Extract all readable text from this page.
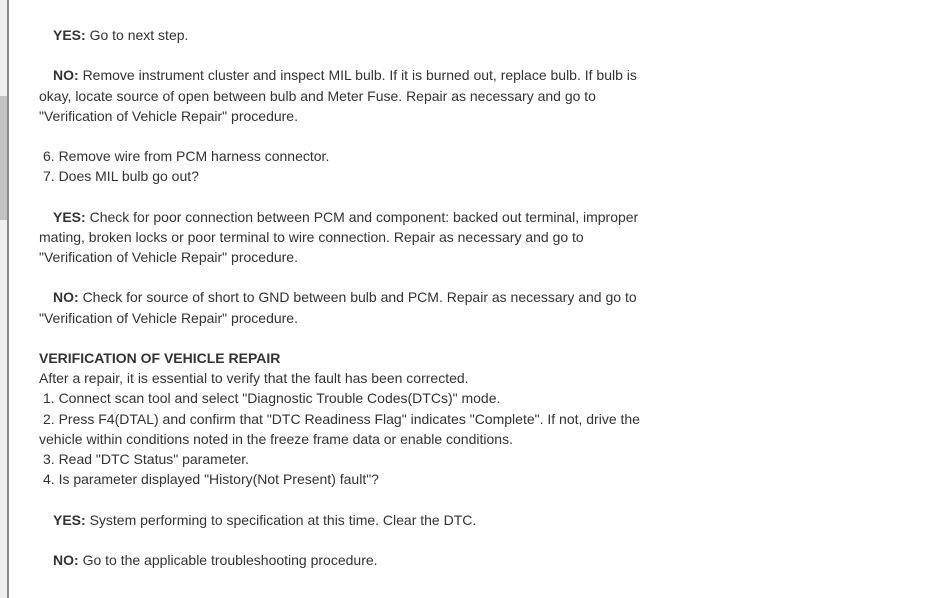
YES: Go to next step.
NO: Remove instrument cluster and inspect MIL bulb. If it is burned out, replace bulb. If bulb is
okay, locate source of open between bulb and Meter Fuse. Repair as necessary and go to
"Verification of Vehicle Repair" procedure.
6. Remove wire from PCM harness connector.
7. Does MIL bulb go out?
YES: Check for poor connection between PCM and component: backed out terminal, improper
mating, broken locks or poor terminal to wire connection. Repair as necessary and go to
"Verification of Vehicle Repair" procedure.
NO: Check for source of short to GND between bulb and PCM. Repair as necessary and go to
"Verification of Vehicle Repair" procedure.
VERIFICATION OF VEHICLE REPAIR
After a repair, it is essential to verify that the fault has been corrected.
1. Connect scan tool and select "Diagnostic Trouble Codes(DTCs)" mode.
2. Press F4(DTAL) and confirm that "DTC Readiness Flag" indicates "Complete". If not, drive the
vehicle within conditions noted in the freeze frame data or enable conditions.
3. Read "DTC Status" parameter.
4. Is parameter displayed "History(Not Present) fault"?
YES: System performing to specification at this time. Clear the DTC.
NO: Go to the applicable troubleshooting procedure.
